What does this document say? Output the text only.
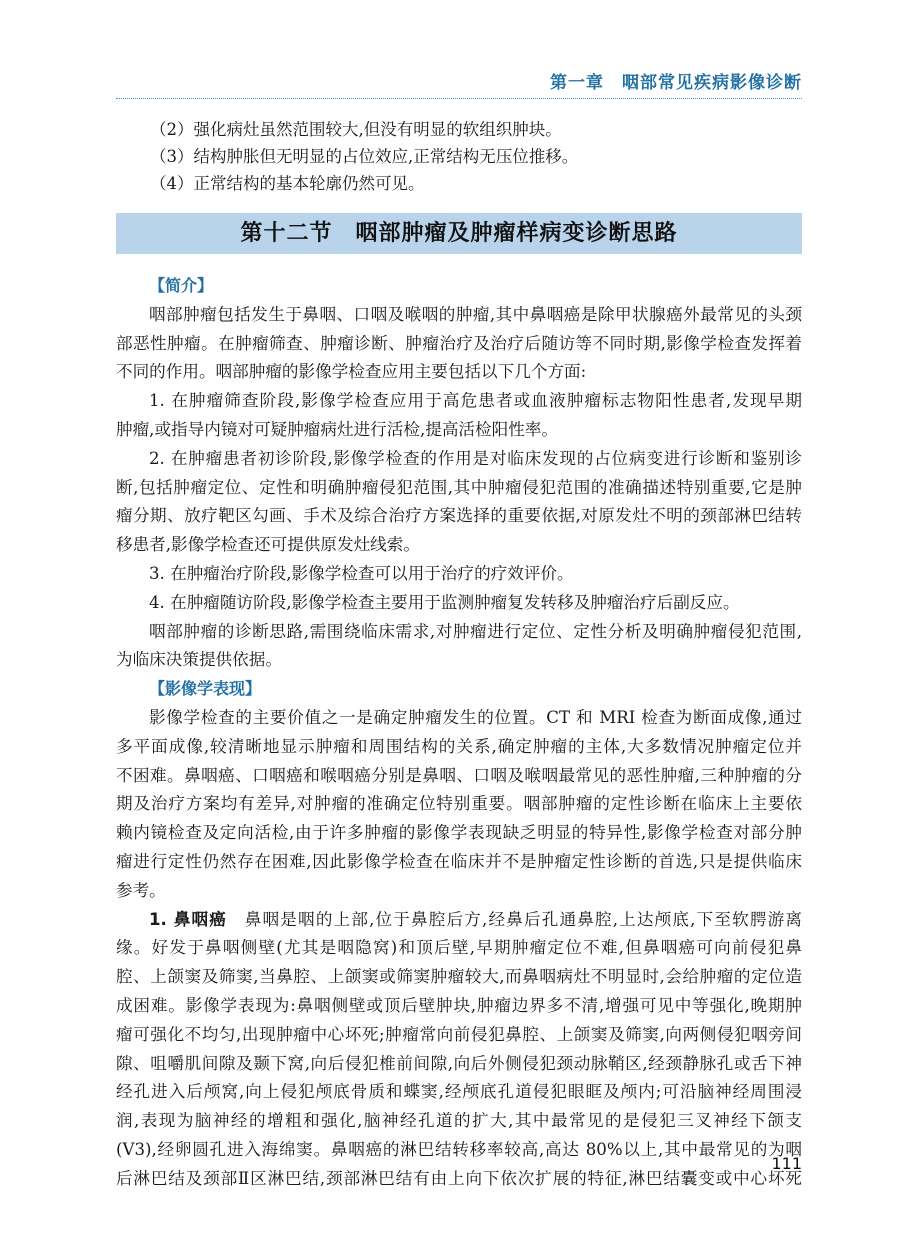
第一章　咽部常见疾病影像诊断

（2）强化病灶虽然范围较大,但没有明显的软组织肿块。

（3）结构肿胀但无明显的占位效应,正常结构无压位推移。

（4）正常结构的基本轮廓仍然可见。

第十二节　咽部肿瘤及肿瘤样病变诊断思路
【简介】
咽部肿瘤包括发生于鼻咽、口咽及喉咽的肿瘤,其中鼻咽癌是除甲状腺癌外最常见的头颈
部恶性肿瘤。在肿瘤筛查、肿瘤诊断、肿瘤治疗及治疗后随访等不同时期,影像学检查发挥着
不同的作用。咽部肿瘤的影像学检查应用主要包括以下几个方面:
1. 在肿瘤筛查阶段,影像学检查应用于高危患者或血液肿瘤标志物阳性患者,发现早期
肿瘤,或指导内镜对可疑肿瘤病灶进行活检,提高活检阳性率。
2. 在肿瘤患者初诊阶段,影像学检查的作用是对临床发现的占位病变进行诊断和鉴别诊
断,包括肿瘤定位、定性和明确肿瘤侵犯范围,其中肿瘤侵犯范围的准确描述特别重要,它是肿
瘤分期、放疗靶区勾画、手术及综合治疗方案选择的重要依据,对原发灶不明的颈部淋巴结转
移患者,影像学检查还可提供原发灶线索。
3. 在肿瘤治疗阶段,影像学检查可以用于治疗的疗效评价。
4. 在肿瘤随访阶段,影像学检查主要用于监测肿瘤复发转移及肿瘤治疗后副反应。
咽部肿瘤的诊断思路,需围绕临床需求,对肿瘤进行定位、定性分析及明确肿瘤侵犯范围,
为临床决策提供依据。
【影像学表现】
影像学检查的主要价值之一是确定肿瘤发生的位置。CT 和 MRI 检查为断面成像,通过
多平面成像,较清晰地显示肿瘤和周围结构的关系,确定肿瘤的主体,大多数情况肿瘤定位并
不困难。鼻咽癌、口咽癌和喉咽癌分别是鼻咽、口咽及喉咽最常见的恶性肿瘤,三种肿瘤的分
期及治疗方案均有差异,对肿瘤的准确定位特别重要。咽部肿瘤的定性诊断在临床上主要依
赖内镜检查及定向活检,由于许多肿瘤的影像学表现缺乏明显的特异性,影像学检查对部分肿
瘤进行定性仍然存在困难,因此影像学检查在临床并不是肿瘤定性诊断的首选,只是提供临床
参考。
1. 鼻咽癌　鼻咽是咽的上部,位于鼻腔后方,经鼻后孔通鼻腔,上达颅底,下至软腭游离
缘。好发于鼻咽侧壁(尤其是咽隐窝)和顶后壁,早期肿瘤定位不难,但鼻咽癌可向前侵犯鼻
腔、上颌窦及筛窦,当鼻腔、上颌窦或筛窦肿瘤较大,而鼻咽病灶不明显时,会给肿瘤的定位造
成困难。影像学表现为:鼻咽侧壁或顶后壁肿块,肿瘤边界多不清,增强可见中等强化,晚期肿
瘤可强化不均匀,出现肿瘤中心坏死;肿瘤常向前侵犯鼻腔、上颌窦及筛窦,向两侧侵犯咽旁间
隙、咀嚼肌间隙及颞下窝,向后侵犯椎前间隙,向后外侧侵犯颈动脉鞘区,经颈静脉孔或舌下神
经孔进入后颅窝,向上侵犯颅底骨质和蝶窦,经颅底孔道侵犯眼眶及颅内;可沿脑神经周围浸
润,表现为脑神经的增粗和强化,脑神经孔道的扩大,其中最常见的是侵犯三叉神经下颌支
(V3),经卵圆孔进入海绵窦。鼻咽癌的淋巴结转移率较高,高达 80%以上,其中最常见的为咽
后淋巴结及颈部Ⅱ区淋巴结,颈部淋巴结有由上向下依次扩展的特征,淋巴结囊变或中心坏死
111
